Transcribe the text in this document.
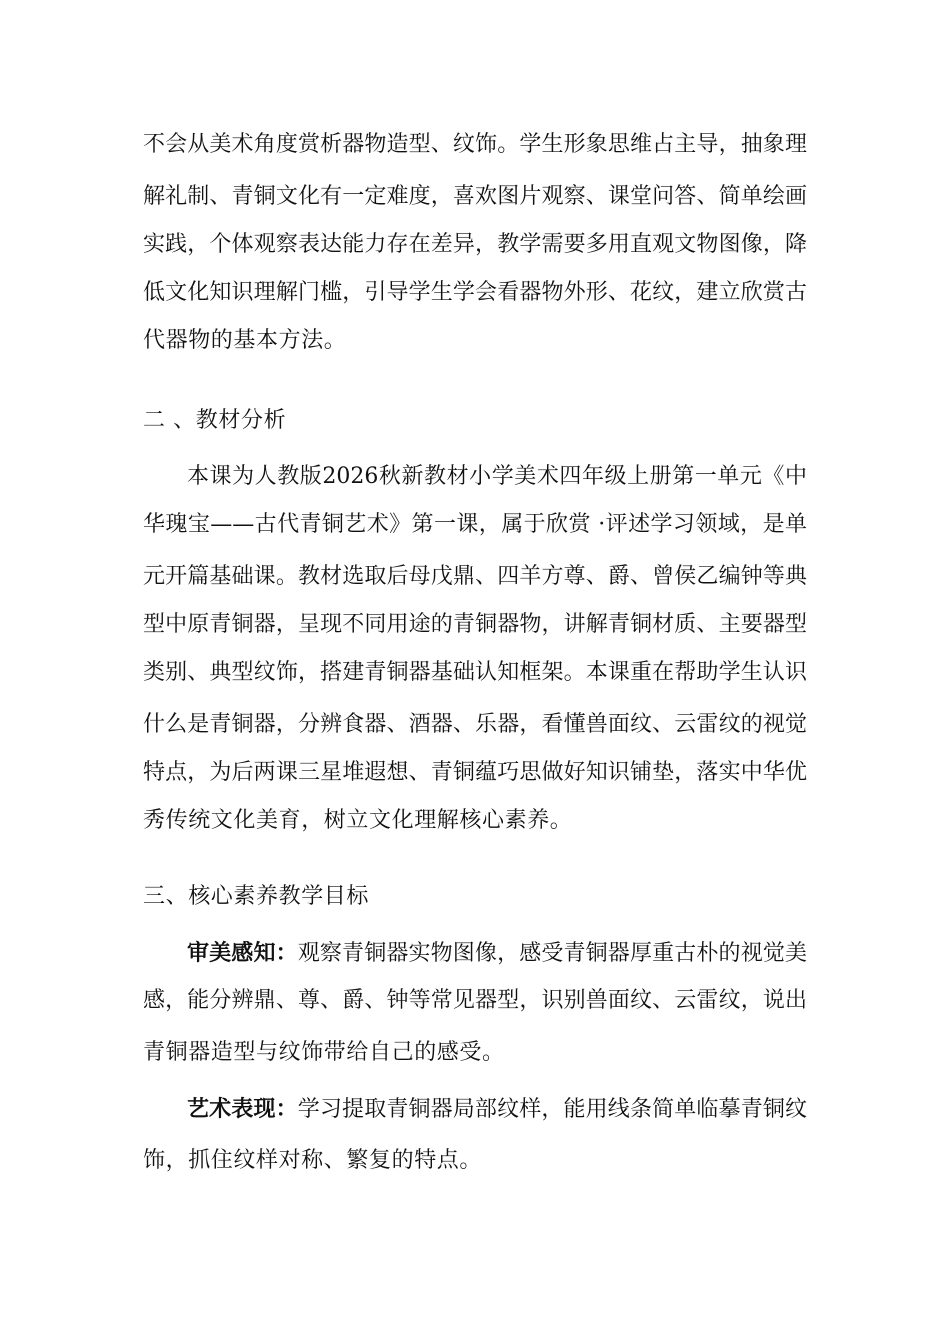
不会从美术角度赏析器物造型、纹饰。学生形象思维占主导，抽象理
解礼制、青铜文化有一定难度，喜欢图片观察、课堂问答、简单绘画
实践，个体观察表达能力存在差异，教学需要多用直观文物图像，降
低文化知识理解门槛，引导学生学会看器物外形、花纹，建立欣赏古
代器物的基本方法。
二 、教材分析
本课为人教版2026秋新教材小学美术四年级上册第一单元《中
华瑰宝——古代青铜艺术》第一课，属于欣赏 ·评述学习领域，是单
元开篇基础课。教材选取后母戊鼎、四羊方尊、爵、曾侯乙编钟等典
型中原青铜器，呈现不同用途的青铜器物，讲解青铜材质、主要器型
类别、典型纹饰，搭建青铜器基础认知框架。本课重在帮助学生认识
什么是青铜器，分辨食器、酒器、乐器，看懂兽面纹、云雷纹的视觉
特点，为后两课三星堆遐想、青铜蕴巧思做好知识铺垫，落实中华优
秀传统文化美育，树立文化理解核心素养。
三、核心素养教学目标
审美感知：观察青铜器实物图像，感受青铜器厚重古朴的视觉美
感，能分辨鼎、尊、爵、钟等常见器型，识别兽面纹、云雷纹，说出
青铜器造型与纹饰带给自己的感受。
艺术表现：学习提取青铜器局部纹样，能用线条简单临摹青铜纹
饰，抓住纹样对称、繁复的特点。
